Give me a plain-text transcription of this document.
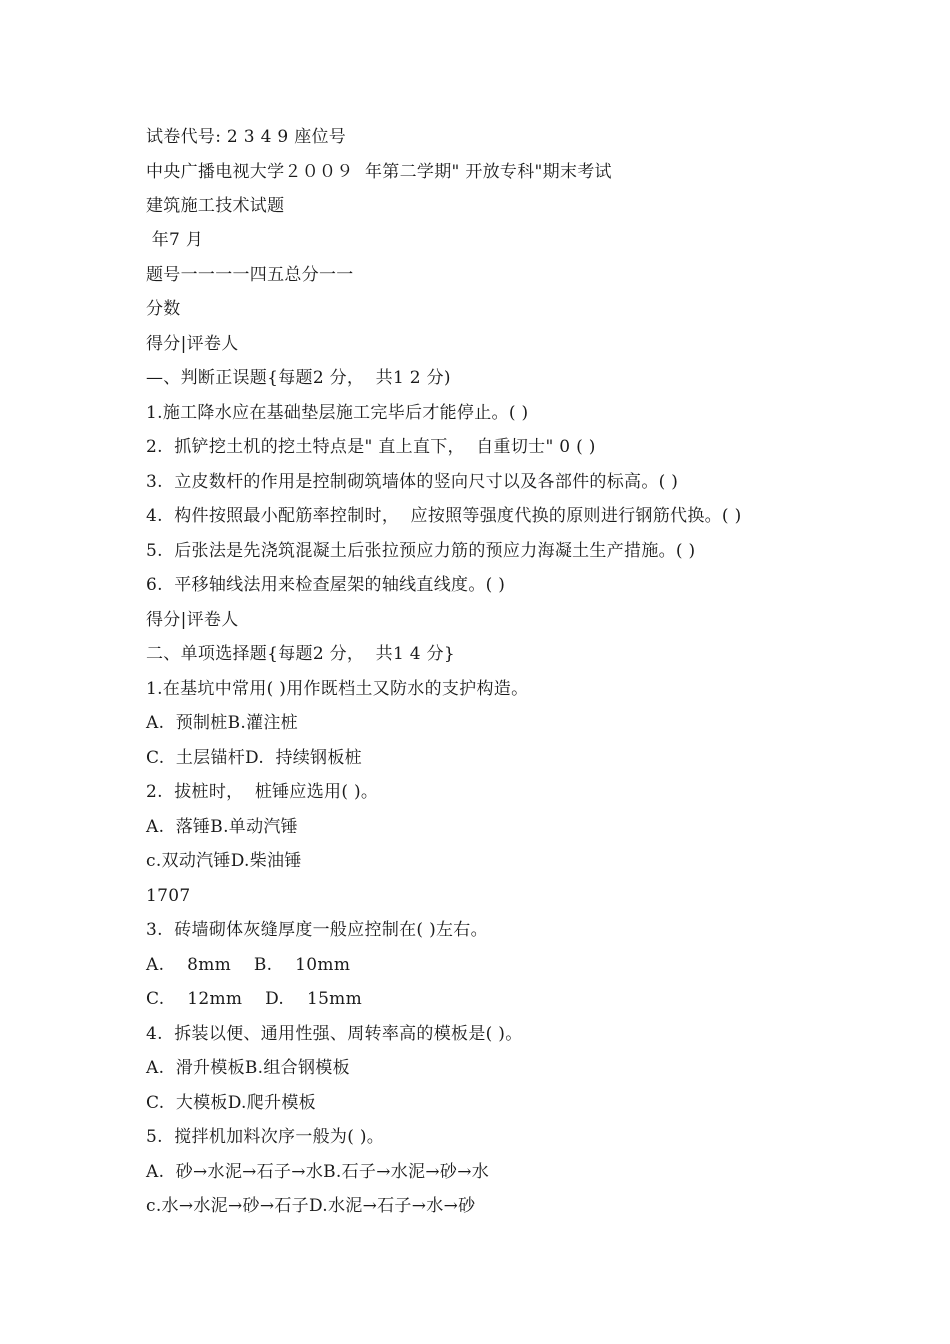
试卷代号: 2 3 4 9 座位号
中央广播电视大学２００９  年第二学期" 开放专科"期末考试
建筑施工技术试题
年7 月
题号一一一一四五总分一一
分数
得分|评卷人
—、判断正误题{每题2 分，  共1 2 分)
1.施工降水应在基础垫层施工完毕后才能停止。( )
2.  抓铲挖土机的挖土特点是" 直上直下，  自重切士" 0 ( )
3.  立皮数杆的作用是控制砌筑墙体的竖向尺寸以及各部件的标高。( )
4.  构件按照最小配筋率控制时，  应按照等强度代换的原则进行钢筋代换。( )
5.  后张法是先浇筑混凝土后张拉预应力筋的预应力海凝土生产措施。( )
6.  平移轴线法用来检查屋架的轴线直线度。( )
得分|评卷人
二、单项选择题{每题2 分，  共1 4 分}
1.在基坑中常用( )用作既档土又防水的支护构造。
A.  预制桩B.灌注桩
C.  土层锚杆D.  持续钢板桩
2.  拔桩时，  桩锤应选用( )。
A.  落锤B.单动汽锤
c.双动汽锤D.柴油锤
1707
3.  砖墙砌体灰缝厚度一般应控制在( )左右。
A.    8mm    B.    10mm
C.    12mm    D.    15mm
4.  拆装以便、通用性强、周转率高的模板是( )。
A.  滑升模板B.组合钢模板
C.  大模板D.爬升模板
5.  搅拌机加料次序一般为( )。
A.  砂→水泥→石子→水B.石子→水泥→砂→水
c.水→水泥→砂→石子D.水泥→石子→水→砂
